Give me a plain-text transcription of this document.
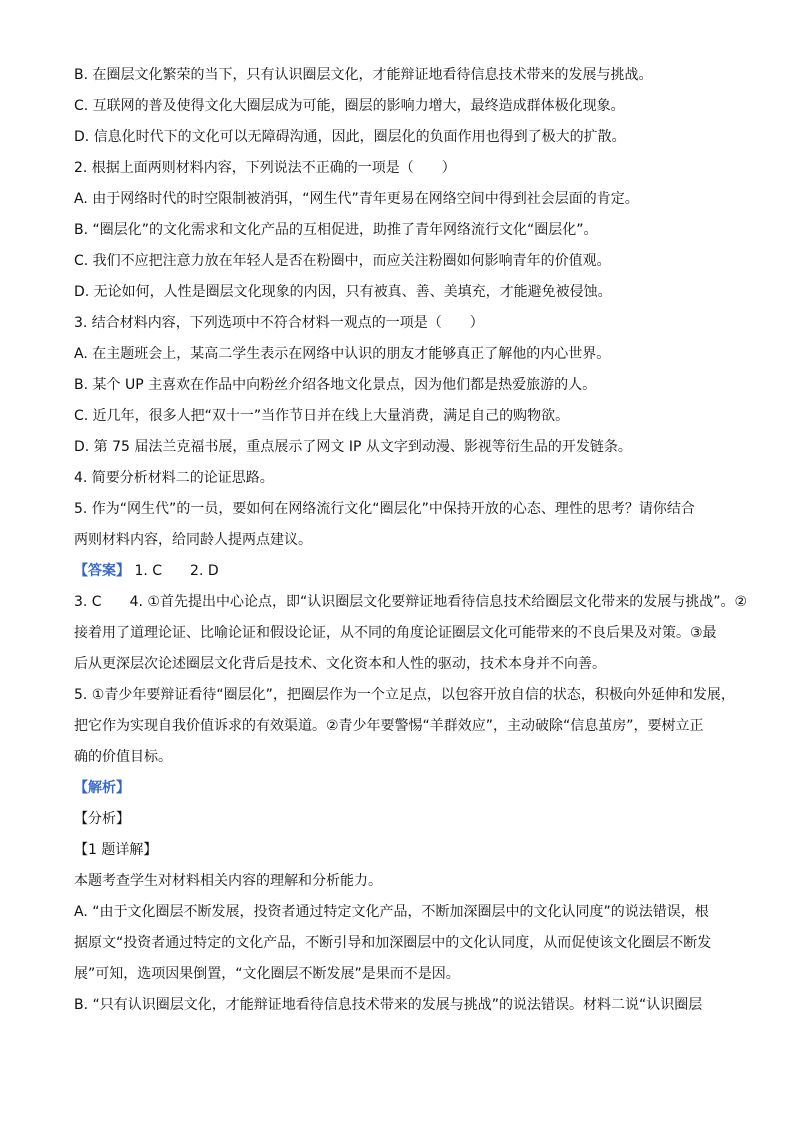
B. 在圈层文化繁荣的当下，只有认识圈层文化，才能辩证地看待信息技术带来的发展与挑战。
C. 互联网的普及使得文化大圈层成为可能，圈层的影响力增大，最终造成群体极化现象。
D. 信息化时代下的文化可以无障碍沟通，因此，圈层化的负面作用也得到了极大的扩散。
2. 根据上面两则材料内容，下列说法不正确的一项是（　　）
A. 由于网络时代的时空限制被消弭，“网生代”青年更易在网络空间中得到社会层面的肯定。
B. “圈层化”的文化需求和文化产品的互相促进，助推了青年网络流行文化“圈层化”。
C. 我们不应把注意力放在年轻人是否在粉圈中，而应关注粉圈如何影响青年的价值观。
D. 无论如何，人性是圈层文化现象的内因，只有被真、善、美填充，才能避免被侵蚀。
3. 结合材料内容，下列选项中不符合材料一观点的一项是（　　）
A. 在主题班会上，某高二学生表示在网络中认识的朋友才能够真正了解他的内心世界。
B. 某个 UP 主喜欢在作品中向粉丝介绍各地文化景点，因为他们都是热爱旅游的人。
C. 近几年，很多人把“双十一”当作节日并在线上大量消费，满足自己的购物欲。
D. 第 75 届法兰克福书展，重点展示了网文 IP 从文字到动漫、影视等衍生品的开发链条。
4. 简要分析材料二的论证思路。
5. 作为“网生代”的一员，要如何在网络流行文化“圈层化”中保持开放的心态、理性的思考？请你结合
两则材料内容，给同龄人提两点建议。
【答案】 1. C　　2. D
3. C　　4. ①首先提出中心论点，即“认识圈层文化要辩证地看待信息技术给圈层文化带来的发展与挑战”。②
接着用了道理论证、比喻论证和假设论证，从不同的角度论证圈层文化可能带来的不良后果及对策。③最
后从更深层次论述圈层文化背后是技术、文化资本和人性的驱动，技术本身并不向善。
5. ①青少年要辩证看待“圈层化”，把圈层作为一个立足点，以包容开放自信的状态，积极向外延伸和发展，
把它作为实现自我价值诉求的有效渠道。②青少年要警惕“羊群效应”，主动破除“信息茧房”，要树立正
确的价值目标。
【解析】
【分析】
【1 题详解】
本题考查学生对材料相关内容的理解和分析能力。
A. “由于文化圈层不断发展，投资者通过特定文化产品，不断加深圈层中的文化认同度”的说法错误，根
据原文“投资者通过特定的文化产品，不断引导和加深圈层中的文化认同度，从而促使该文化圈层不断发
展”可知，选项因果倒置，“文化圈层不断发展”是果而不是因。
B. “只有认识圈层文化，才能辩证地看待信息技术带来的发展与挑战”的说法错误。材料二说“认识圈层
